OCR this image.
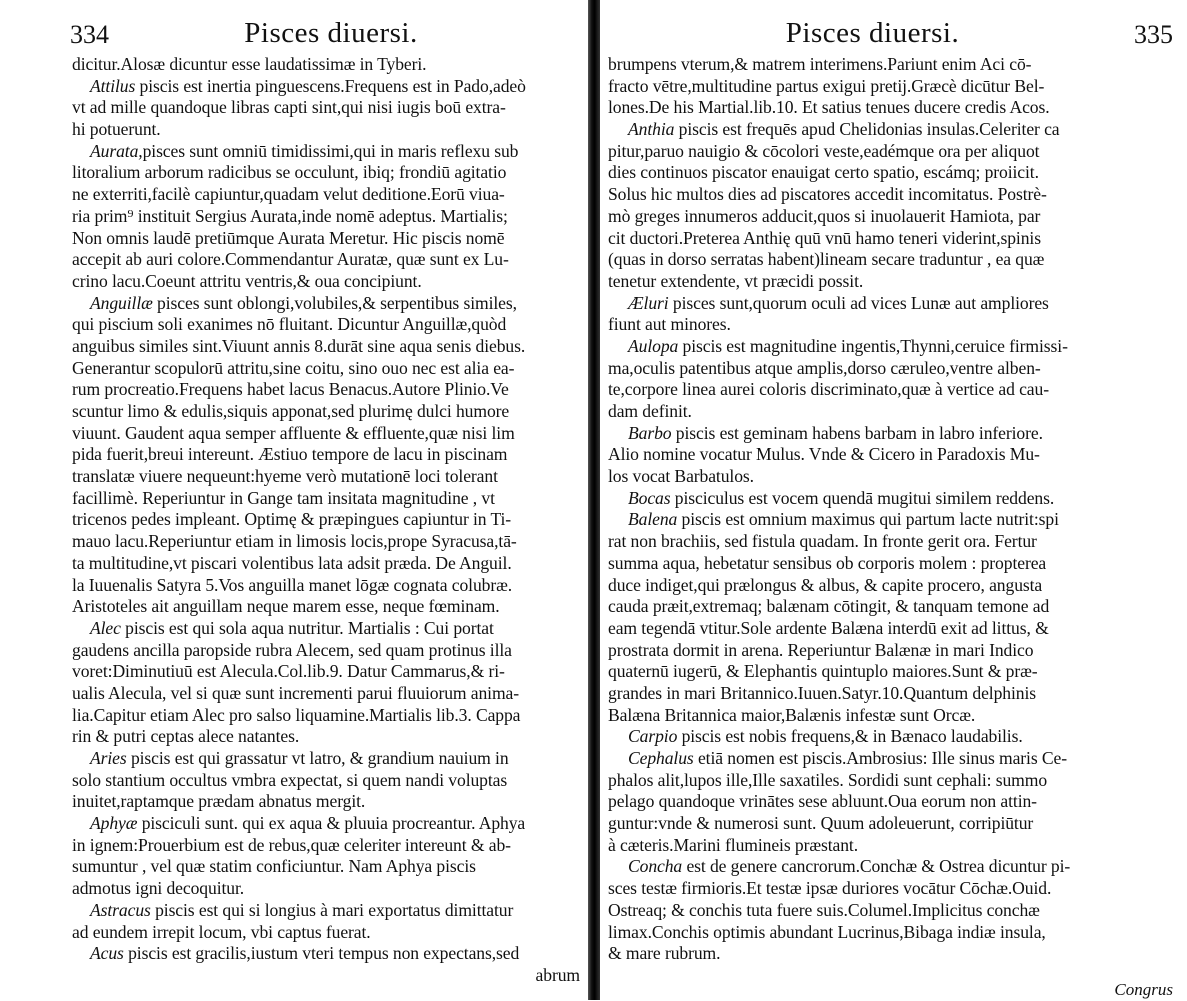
334	Pisces diuersi.
dicitur.Alosæ dicuntur esse laudatissimæ in Tyberi.
Attilus piscis est inertia pinguescens.Frequens est in Pado,adeò
vt ad mille quandoque libras capti sint,qui nisi iugis boū extra-
hi potuerunt.
Aurata,pisces sunt omniū timidissimi,qui in maris reflexu sub
litoralium arborum radicibus se occulunt, ibiq; frondiū agitatio
ne exterriti,facilè capiuntur,quadam velut deditione.Eorū viua-
ria prim⁹ instituit Sergius Aurata,inde nomē adeptus. Martialis;
Non omnis laudē pretiūmque Aurata Meretur. Hic piscis nomē
accepit ab auri colore.Commendantur Auratæ, quæ sunt ex Lu-
crino lacu.Coeunt attritu ventris,& oua concipiunt.
Anguillæ pisces sunt oblongi,volubiles,& serpentibus similes,
qui piscium soli exanimes nō fluitant. Dicuntur Anguillæ,quòd
anguibus similes sint.Viuunt annis 8.durāt sine aqua senis diebus.
Generantur scopulorū attritu,sine coitu, sino ouo nec est alia ea-
rum procreatio.Frequens habet lacus Benacus.Autore Plinio.Ve
scuntur limo & edulis,siquis apponat,sed plurimę dulci humore
viuunt. Gaudent aqua semper affluente & effluente,quæ nisi lim
pida fuerit,breui intereunt. Æstiuo tempore de lacu in piscinam
translatæ viuere nequeunt:hyeme verò mutationē loci tolerant
facillimè. Reperiuntur in Gange tam insitata magnitudine , vt
tricenos pedes impleant. Optimę & præpingues capiuntur in Ti-
mauo lacu.Reperiuntur etiam in limosis locis,prope Syracusa,tā-
ta multitudine,vt piscari volentibus lata adsit præda. De Anguil.
la Iuuenalis Satyra 5.Vos anguilla manet lōgæ cognata colubræ.
Aristoteles ait anguillam neque marem esse, neque fœminam.
Alec piscis est qui sola aqua nutritur. Martialis : Cui portat
gaudens ancilla paropside rubra Alecem, sed quam protinus illa
voret:Diminutiuū est Alecula.Col.lib.9. Datur Cammarus,& ri-
ualis Alecula, vel si quæ sunt incrementi parui fluuiorum anima-
lia.Capitur etiam Alec pro salso liquamine.Martialis lib.3. Cappa
rin & putri ceptas alece natantes.
Aries piscis est qui grassatur vt latro, & grandium nauium in
solo stantium occultus vmbra expectat, si quem nandi voluptas
inuitet,raptamque prædam abnatus mergit.
Aphyæ pisciculi sunt. qui ex aqua & pluuia procreantur. Aphya
in ignem:Prouerbium est de rebus,quæ celeriter intereunt & ab-
sumuntur , vel quæ statim conficiuntur. Nam Aphya piscis
admotus igni decoquitur.
Astracus piscis est qui si longius à mari exportatus dimittatur
ad eundem irrepit locum, vbi captus fuerat.
Acus piscis est gracilis,iustum vteri tempus non expectans,sed
abrum
Pisces diuersi.	335
brumpens vterum,& matrem interimens.Pariunt enim Aci cō-
fracto vētre,multitudine partus exigui pretij.Græcè dicūtur Bel-
lones.De his Martial.lib.10. Et satius tenues ducere credis Acos.
Anthia piscis est frequēs apud Chelidonias insulas.Celeriter ca
pitur,paruo nauigio & cōcolori veste,eadémque ora per aliquot
dies continuos piscator enauigat certo spatio, escámq; proiicit.
Solus hic multos dies ad piscatores accedit incomitatus. Postrè-
mò greges innumeros adducit,quos si inuolauerit Hamiota, par
cit ductori.Preterea Anthię quū vnū hamo teneri viderint,spinis
(quas in dorso serratas habent)lineam secare traduntur , ea quæ
tenetur extendente, vt præcidi possit.
Æluri pisces sunt,quorum oculi ad vices Lunæ aut ampliores
fiunt aut minores.
Aulopa piscis est magnitudine ingentis,Thynni,ceruice firmissi-
ma,oculis patentibus atque amplis,dorso cæruleo,ventre alben-
te,corpore linea aurei coloris discriminato,quæ à vertice ad cau-
dam definit.
Barbo piscis est geminam habens barbam in labro inferiore.
Alio nomine vocatur Mulus. Vnde & Cicero in Paradoxis Mu-
los vocat Barbatulos.
Bocas pisciculus est vocem quendā mugitui similem reddens.
Balena piscis est omnium maximus qui partum lacte nutrit:spi
rat non brachiis, sed fistula quadam. In fronte gerit ora. Fertur
summa aqua, hebetatur sensibus ob corporis molem : propterea
duce indiget,qui prælongus & albus, & capite procero, angusta
cauda præit,extremaq; balænam cōtingit, & tanquam temone ad
eam tegendā vtitur.Sole ardente Balæna interdū exit ad littus, &
prostrata dormit in arena. Reperiuntur Balænæ in mari Indico
quaternū iugerū, & Elephantis quintuplo maiores.Sunt & præ-
grandes in mari Britannico.Iuuen.Satyr.10.Quantum delphinis
Balæna Britannica maior,Balænis infestæ sunt Orcæ.
Carpio piscis est nobis frequens,& in Bænaco laudabilis.
Cephalus etiā nomen est piscis.Ambrosius: Ille sinus maris Ce-
phalos alit,lupos ille,Ille saxatiles. Sordidi sunt cephali: summo
pelago quandoque vrinātes sese abluunt.Oua eorum non attin-
guntur:vnde & numerosi sunt. Quum adoleuerunt, corripiūtur
à cæteris.Marini flumineis præstant.
Concha est de genere cancrorum.Conchæ & Ostrea dicuntur pi-
sces testæ firmioris.Et testæ ipsæ duriores vocātur Cōchæ.Ouid.
Ostreaq; & conchis tuta fuere suis.Columel.Implicitus conchæ
limax.Conchis optimis abundant Lucrinus,Bibaga indiæ insula,
& mare rubrum.
Congrus
